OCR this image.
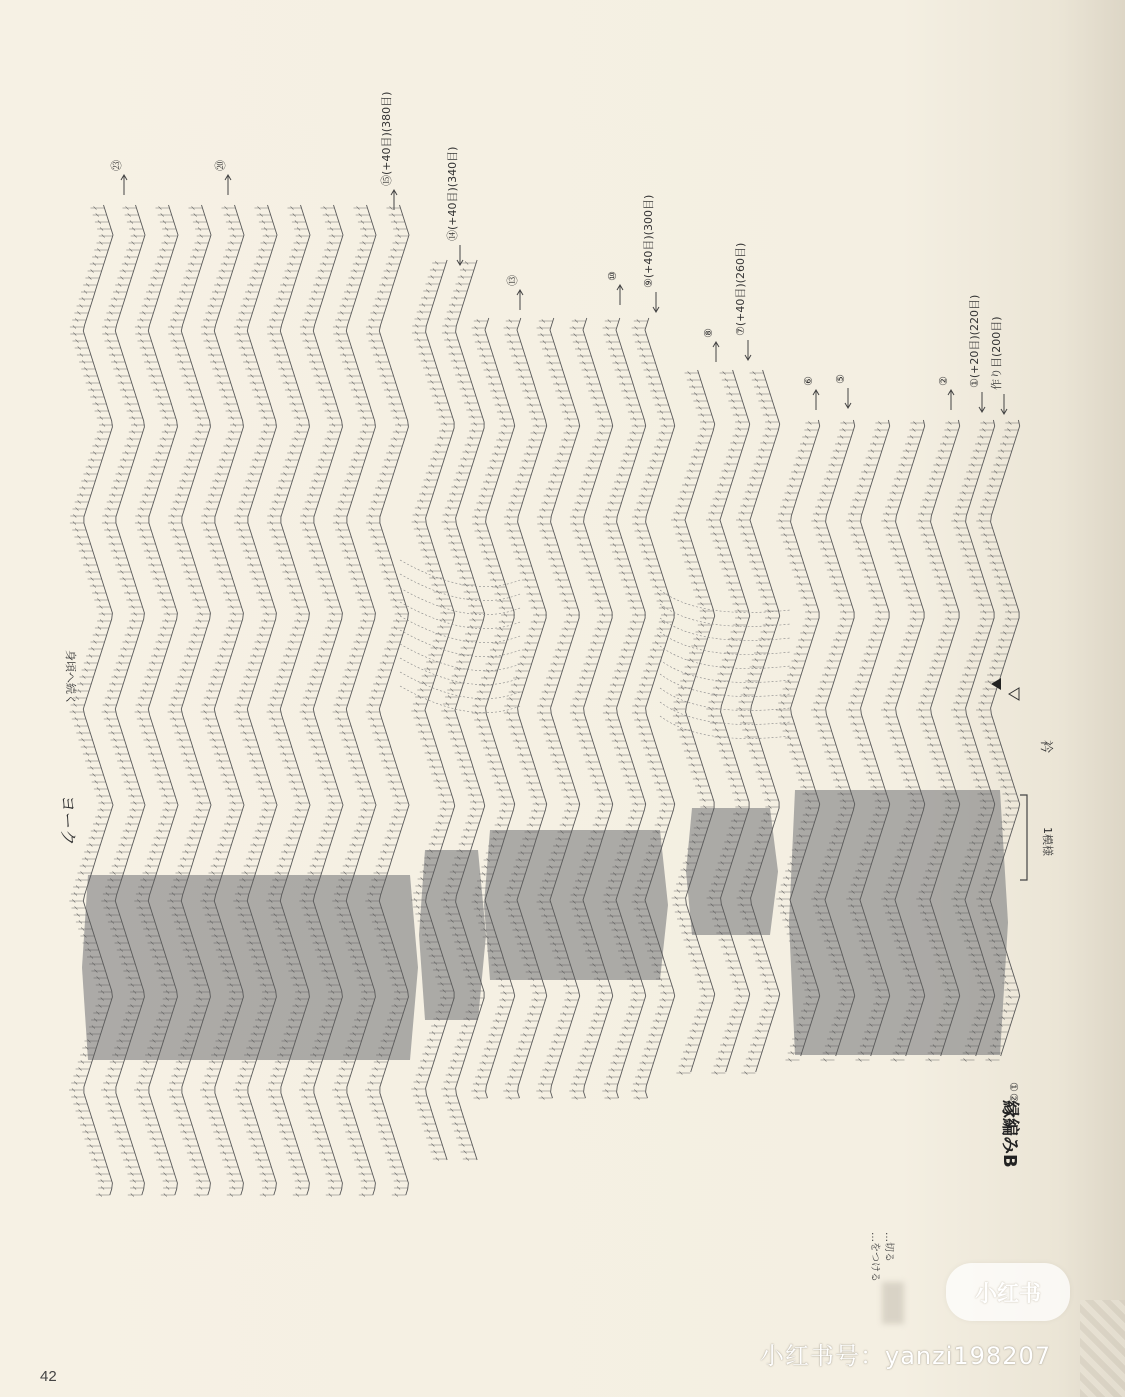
㉓	⑳	⑮(+40目)(380目)
⑭(+40目)(340目)
⑬	⑩ ⑨(+40目)(300目)
⑧ ⑦(+40目)(260目)
⑥ ⑤	② ①(+20目)(220目) 作り目(200目)
ヨーク
身頃へ続く
衿
1模様
縁編みB
①
②
…をつける …切る
42
小红书
小红书号：yanzi198207
